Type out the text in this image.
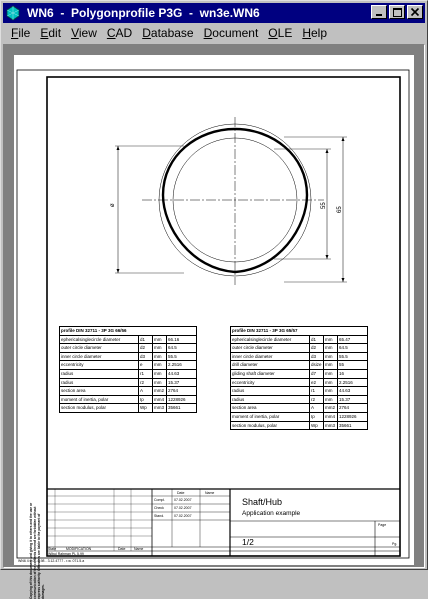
WN6  -  Polygonprofile P3G  -  wn3e.WN6
File Edit View CAD Database Document OLE Help
ø	55
65
profile DIN 32711 - 3P 3G 66/56			
ephericalsinglecircle diameter	d1	mm	66.16
outer circle diameter	d2	mm	64.5
inner circle diameter	d3	mm	55.5
eccentricity	e	mm	2.2516
radius	r1	mm	44.63
radius	r2	mm	15.37
section area	A	mm2	2764
moment of inertia, polar	Ip	mm4	1228926
section modulus, polar	Wp	mm3	35661
profile DIN 32711 - 3P 3G 65/57			
ephericalsinglecircle diameter	d1	mm	65.47
outer circle diameter	d2	mm	64.5
inner circle diameter	d3	mm	55.5
drill diameter	dsize	mm	55
gliding shaft diameter	d7	mm	16
eccentricity	e2	mm	2.2516
radius	r1	mm	44.63
radius	r2	mm	15.37
section area	A	mm2	2764
moment of inertia, polar	Ip	mm4	1228926
section modulus, polar	Wp	mm3	35661
Date	Name
Compl.	07.02.2007
Check	07.02.2007
Stand.	07.02.2007
Shaft/Hub
Application example
1/2
Page
Pg.
State	MODIFICATION	Date Name
Wibul Rahman PL 5.99
WN6 4.9.0 - 9.98 - 3.12.4777 - r.w. 071.5.a
Copying of this document and giving it to others and the use or communication of the contents thereof are forbidden without express authority. Offenders are liable to the payment of damages.
